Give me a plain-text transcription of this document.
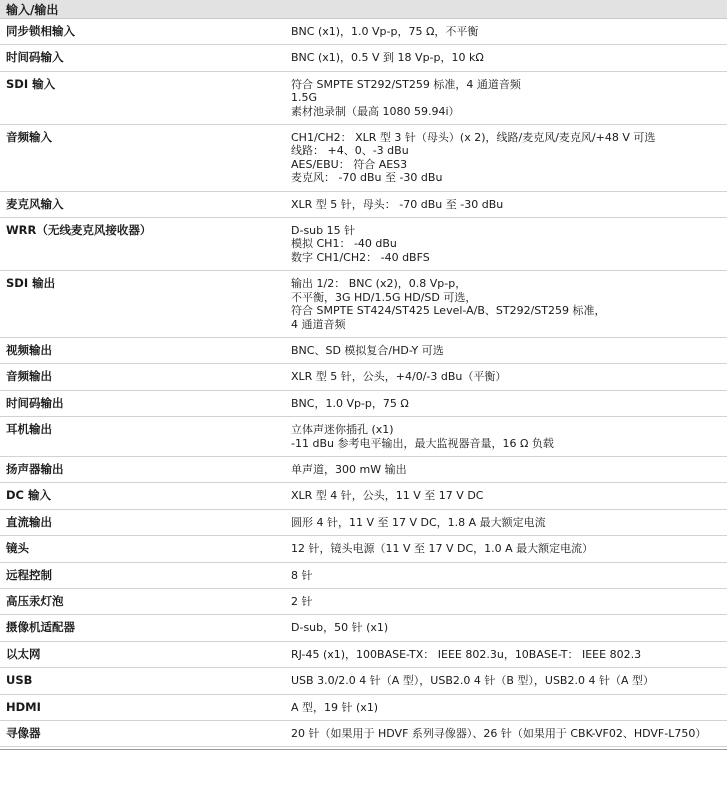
输入/输出	
同步锁相输入	BNC (x1)，1.0 Vp-p，75 Ω，不平衡

时间码输入	BNC (x1)，0.5 V 到 18 Vp-p，10 kΩ

SDI 输入	符合 SMPTE ST292/ST259 标准，4 通道音频
1.5G
素材池录制（最高 1080 59.94i）

音频输入	CH1/CH2： XLR 型 3 针（母头）(x 2)，线路/麦克风/麦克风/+48 V 可选
线路： +4、0、-3 dBu
AES/EBU： 符合 AES3
麦克风： -70 dBu 至 -30 dBu

麦克风输入	XLR 型 5 针，母头： -70 dBu 至 -30 dBu

WRR（无线麦克风接收器）	D-sub 15 针
模拟 CH1： -40 dBu
数字 CH1/CH2： -40 dBFS

SDI 输出	输出 1/2： BNC (x2)，0.8 Vp-p，
不平衡，3G HD/1.5G HD/SD 可选，
符合 SMPTE ST424/ST425 Level-A/B、ST292/ST259 标准，
4 通道音频

视频输出	BNC、SD 模拟复合/HD-Y 可选

音频输出	XLR 型 5 针，公头，+4/0/-3 dBu（平衡）

时间码输出	BNC，1.0 Vp-p，75 Ω

耳机输出	立体声迷你插孔 (x1)
-11 dBu 参考电平输出，最大监视器音量，16 Ω 负载

扬声器输出	单声道，300 mW 输出

DC 输入	XLR 型 4 针，公头，11 V 至 17 V DC

直流输出	圆形 4 针，11 V 至 17 V DC，1.8 A 最大额定电流

镜头	12 针，镜头电源（11 V 至 17 V DC，1.0 A 最大额定电流）

远程控制	8 针

高压汞灯泡	2 针

摄像机适配器	D-sub，50 针 (x1)

以太网	RJ-45 (x1)，100BASE-TX： IEEE 802.3u，10BASE-T： IEEE 802.3

USB	USB 3.0/2.0 4 针（A 型），USB2.0 4 针（B 型），USB2.0 4 针（A 型）

HDMI	A 型，19 针 (x1)

寻像器	20 针（如果用于 HDVF 系列寻像器）、26 针（如果用于 CBK-VF02、HDVF-L750）
